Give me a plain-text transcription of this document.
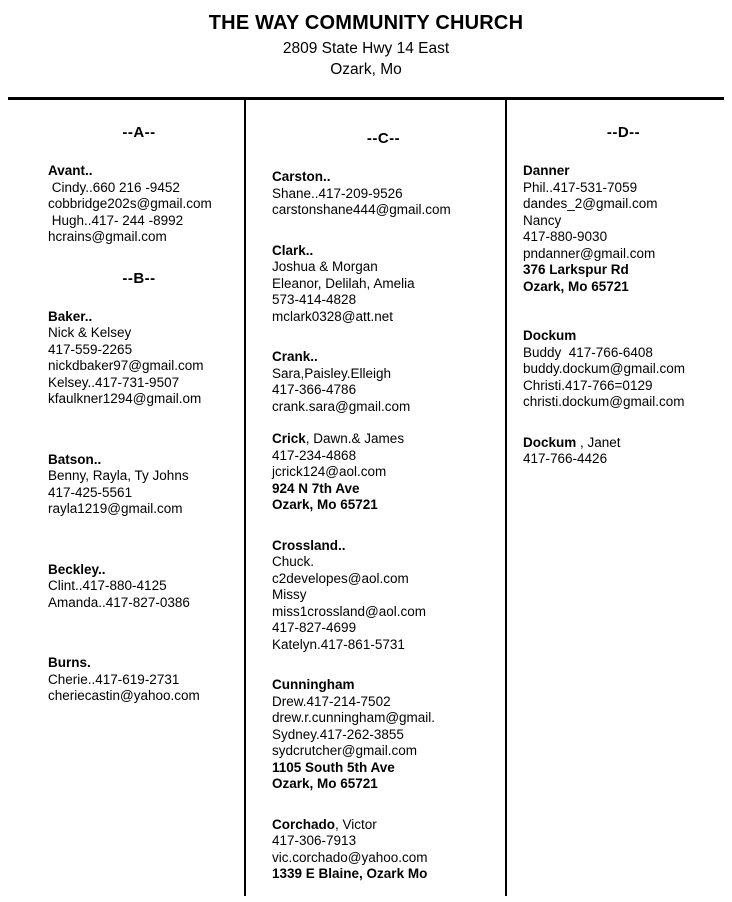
THE WAY COMMUNITY CHURCH
2809 State Hwy 14 East
Ozark, Mo
--A--
Avant..
Cindy..660 216 -9452
cobbridge202s@gmail.com
Hugh..417- 244 -8992
hcrains@gmail.com
--B--
Baker..
Nick & Kelsey
417-559-2265
nickdbaker97@gmail.com
Kelsey..417-731-9507
kfaulkner1294@gmail.om
Batson..
Benny, Rayla, Ty Johns
417-425-5561
rayla1219@gmail.com
Beckley..
Clint..417-880-4125
Amanda..417-827-0386
Burns.
Cherie..417-619-2731
cheriecastin@yahoo.com
--C--
Carston..
Shane..417-209-9526
carstonshane444@gmail.com
Clark..
Joshua & Morgan
Eleanor, Delilah, Amelia
573-414-4828
mclark0328@att.net
Crank..
Sara,Paisley.Elleigh
417-366-4786
crank.sara@gmail.com
Crick, Dawn.& James
417-234-4868
jcrick124@aol.com
924 N 7th Ave
Ozark, Mo 65721
Crossland..
Chuck.
c2developes@aol.com
Missy
miss1crossland@aol.com
417-827-4699
Katelyn.417-861-5731
Cunningham
Drew.417-214-7502
drew.r.cunningham@gmail.
Sydney.417-262-3855
sydcrutcher@gmail.com
1105 South 5th Ave
Ozark, Mo 65721
Corchado, Victor
417-306-7913
vic.corchado@yahoo.com
1339 E Blaine, Ozark Mo
--D--
Danner
Phil..417-531-7059
dandes_2@gmail.com
Nancy
417-880-9030
pndanner@gmail.com
376 Larkspur Rd
Ozark, Mo 65721
Dockum
Buddy  417-766-6408
buddy.dockum@gmail.com
Christi.417-766=0129
christi.dockum@gmail.com
Dockum , Janet
417-766-4426
